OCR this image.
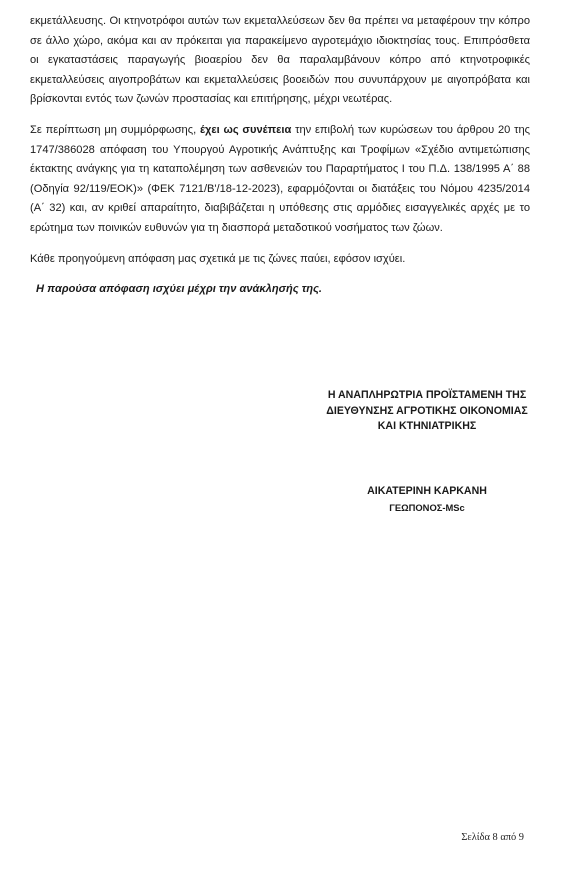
εκμετάλλευσης. Οι κτηνοτρόφοι αυτών των εκμεταλλεύσεων δεν θα πρέπει να μεταφέρουν την κόπρο σε άλλο χώρο, ακόμα και αν πρόκειται για παρακείμενο αγροτεμάχιο ιδιοκτησίας τους. Επιπρόσθετα οι εγκαταστάσεις παραγωγής βιοαερίου δεν θα παραλαμβάνουν κόπρο από κτηνοτροφικές εκμεταλλεύσεις αιγοπροβάτων και εκμεταλλεύσεις βοοειδών που συνυπάρχουν με αιγοπρόβατα και βρίσκονται εντός των ζωνών προστασίας και επιτήρησης, μέχρι νεωτέρας.

Σε περίπτωση μη συμμόρφωσης, έχει ως συνέπεια την επιβολή των κυρώσεων του άρθρου 20 της 1747/386028 απόφαση του Υπουργού Αγροτικής Ανάπτυξης και Τροφίμων «Σχέδιο αντιμετώπισης έκτακτης ανάγκης για τη καταπολέμηση των ασθενειών του Παραρτήματος Ι του Π.Δ. 138/1995 Α΄ 88 (Οδηγία 92/119/ΕΟΚ)» (ΦΕΚ 7121/Β'/18-12-2023), εφαρμόζονται οι διατάξεις του Νόμου 4235/2014 (Α΄ 32) και, αν κριθεί απαραίτητο, διαβιβάζεται η υπόθεσης στις αρμόδιες εισαγγελικές αρχές με το ερώτημα των ποινικών ευθυνών για τη διασπορά μεταδοτικού νοσήματος των ζώων.

Κάθε προηγούμενη απόφαση μας σχετικά με τις ζώνες παύει, εφόσον ισχύει.

Η παρούσα απόφαση ισχύει μέχρι την ανάκλησής της.

Η ΑΝΑΠΛΗΡΩΤΡΙΑ ΠΡΟΪΣΤΑΜΕΝΗ ΤΗΣ
ΔΙΕΥΘΥΝΣΗΣ ΑΓΡΟΤΙΚΗΣ ΟΙΚΟΝΟΜΙΑΣ
ΚΑΙ ΚΤΗΝΙΑΤΡΙΚΗΣ
ΑΙΚΑΤΕΡΙΝΗ ΚΑΡΚΑΝΗ
ΓΕΩΠΟΝΟΣ-MSc
Σελίδα 8 από 9
